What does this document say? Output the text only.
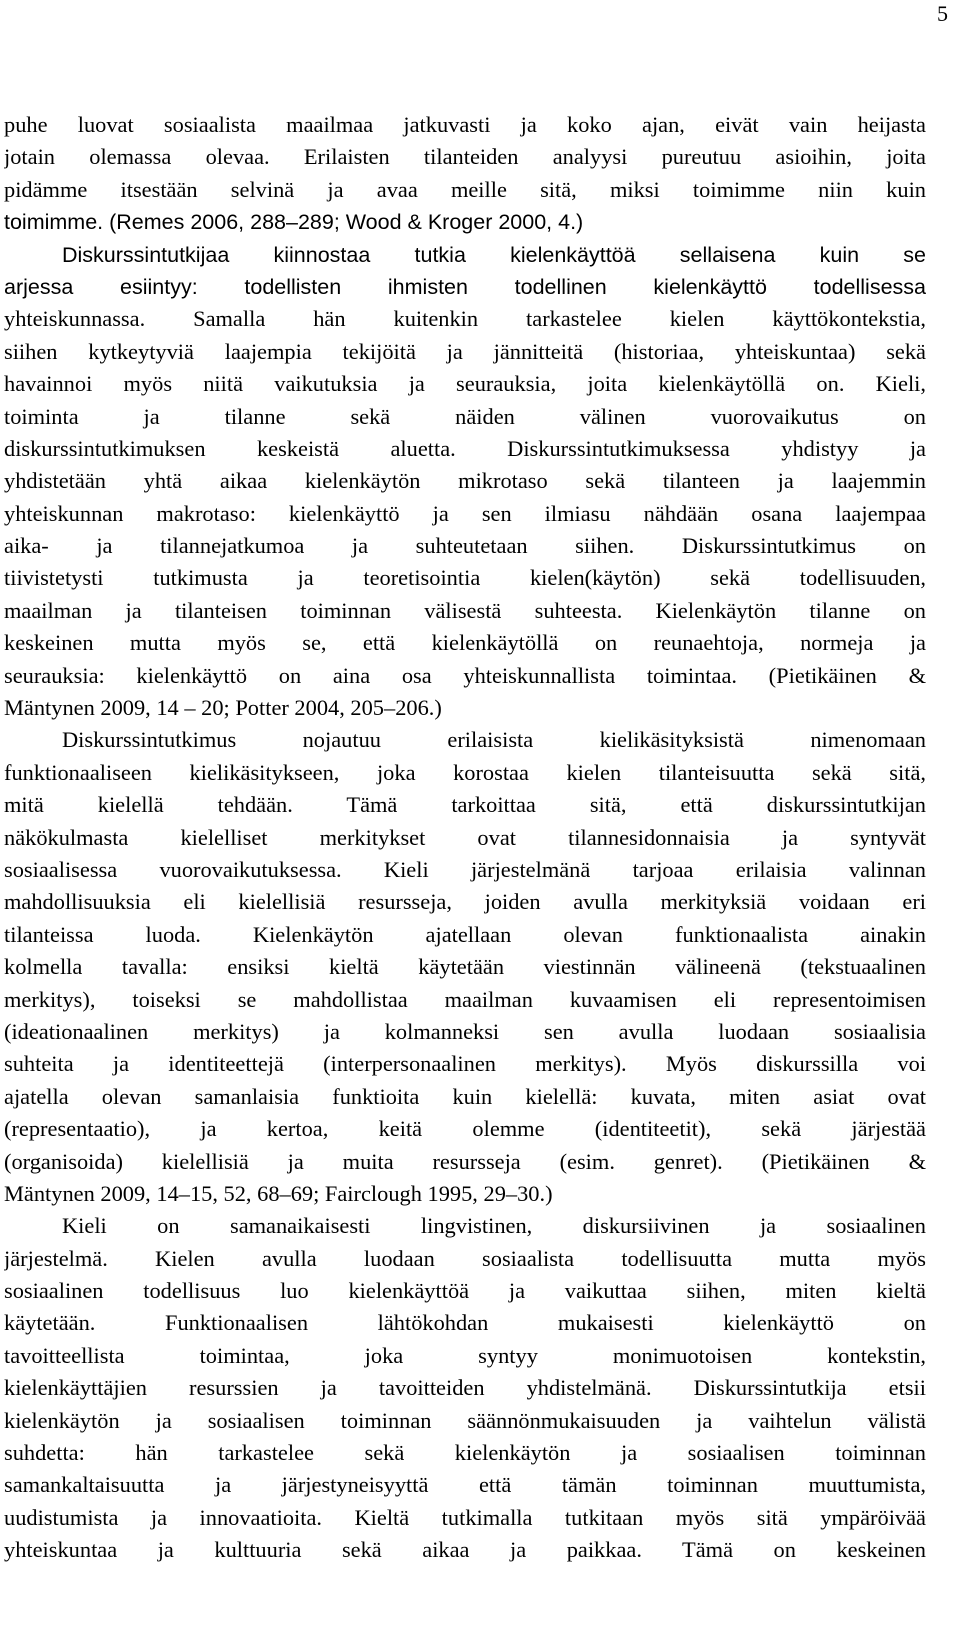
5
puhe luovat sosiaalista maailmaa jatkuvasti ja koko ajan, eivät vain heijasta
jotain olemassa olevaa. Erilaisten tilanteiden analyysi pureutuu asioihin, joita
pidämme itsestään selvinä ja avaa meille sitä, miksi toimimme niin kuin
toimimme. (Remes 2006, 288–289; Wood & Kroger 2000, 4.)
Diskurssintutkijaa kiinnostaa tutkia kielenkäyttöä sellaisena kuin se
arjessa esiintyy: todellisten ihmisten todellinen kielenkäyttö todellisessa
yhteiskunnassa. Samalla hän kuitenkin tarkastelee kielen käyttökontekstia,
siihen kytkeytyviä laajempia tekijöitä ja jännitteitä (historiaa, yhteiskuntaa) sekä
havainnoi myös niitä vaikutuksia ja seurauksia, joita kielenkäytöllä on. Kieli,
toiminta ja tilanne sekä näiden välinen vuorovaikutus on
diskurssintutkimuksen keskeistä aluetta. Diskurssintutkimuksessa yhdistyy ja
yhdistetään yhtä aikaa kielenkäytön mikrotaso sekä tilanteen ja laajemmin
yhteiskunnan makrotaso: kielenkäyttö ja sen ilmiasu nähdään osana laajempaa
aika- ja tilannejatkumoa ja suhteutetaan siihen. Diskurssintutkimus on
tiivistetysti tutkimusta ja teoretisointia kielen(käytön) sekä todellisuuden,
maailman ja tilanteisen toiminnan välisestä suhteesta. Kielenkäytön tilanne on
keskeinen mutta myös se, että kielenkäytöllä on reunaehtoja, normeja ja
seurauksia: kielenkäyttö on aina osa yhteiskunnallista toimintaa. (Pietikäinen &
Mäntynen 2009, 14 – 20; Potter 2004, 205–206.)
Diskurssintutkimus nojautuu erilaisista kielikäsityksistä nimenomaan
funktionaaliseen kielikäsitykseen, joka korostaa kielen tilanteisuutta sekä sitä,
mitä kielellä tehdään. Tämä tarkoittaa sitä, että diskurssintutkijan
näkökulmasta kielelliset merkitykset ovat tilannesidonnaisia ja syntyvät
sosiaalisessa vuorovaikutuksessa. Kieli järjestelmänä tarjoaa erilaisia valinnan
mahdollisuuksia eli kielellisiä resursseja, joiden avulla merkityksiä voidaan eri
tilanteissa luoda. Kielenkäytön ajatellaan olevan funktionaalista ainakin
kolmella tavalla: ensiksi kieltä käytetään viestinnän välineenä (tekstuaalinen
merkitys), toiseksi se mahdollistaa maailman kuvaamisen eli representoimisen
(ideationaalinen merkitys) ja kolmanneksi sen avulla luodaan sosiaalisia
suhteita ja identiteettejä (interpersonaalinen merkitys). Myös diskurssilla voi
ajatella olevan samanlaisia funktioita kuin kielellä: kuvata, miten asiat ovat
(representaatio), ja kertoa, keitä olemme (identiteetit), sekä järjestää
(organisoida) kielellisiä ja muita resursseja (esim. genret). (Pietikäinen &
Mäntynen 2009, 14–15, 52, 68–69; Fairclough 1995, 29–30.)
Kieli on samanaikaisesti lingvistinen, diskursiivinen ja sosiaalinen
järjestelmä. Kielen avulla luodaan sosiaalista todellisuutta mutta myös
sosiaalinen todellisuus luo kielenkäyttöä ja vaikuttaa siihen, miten kieltä
käytetään. Funktionaalisen lähtökohdan mukaisesti kielenkäyttö on
tavoitteellista toimintaa, joka syntyy monimuotoisen kontekstin,
kielenkäyttäjien resurssien ja tavoitteiden yhdistelmänä. Diskurssintutkija etsii
kielenkäytön ja sosiaalisen toiminnan säännönmukaisuuden ja vaihtelun välistä
suhdetta: hän tarkastelee sekä kielenkäytön ja sosiaalisen toiminnan
samankaltaisuutta ja järjestyneisyyttä että tämän toiminnan muuttumista,
uudistumista ja innovaatioita. Kieltä tutkimalla tutkitaan myös sitä ympäröivää
yhteiskuntaa ja kulttuuria sekä aikaa ja paikkaa. Tämä on keskeinen
